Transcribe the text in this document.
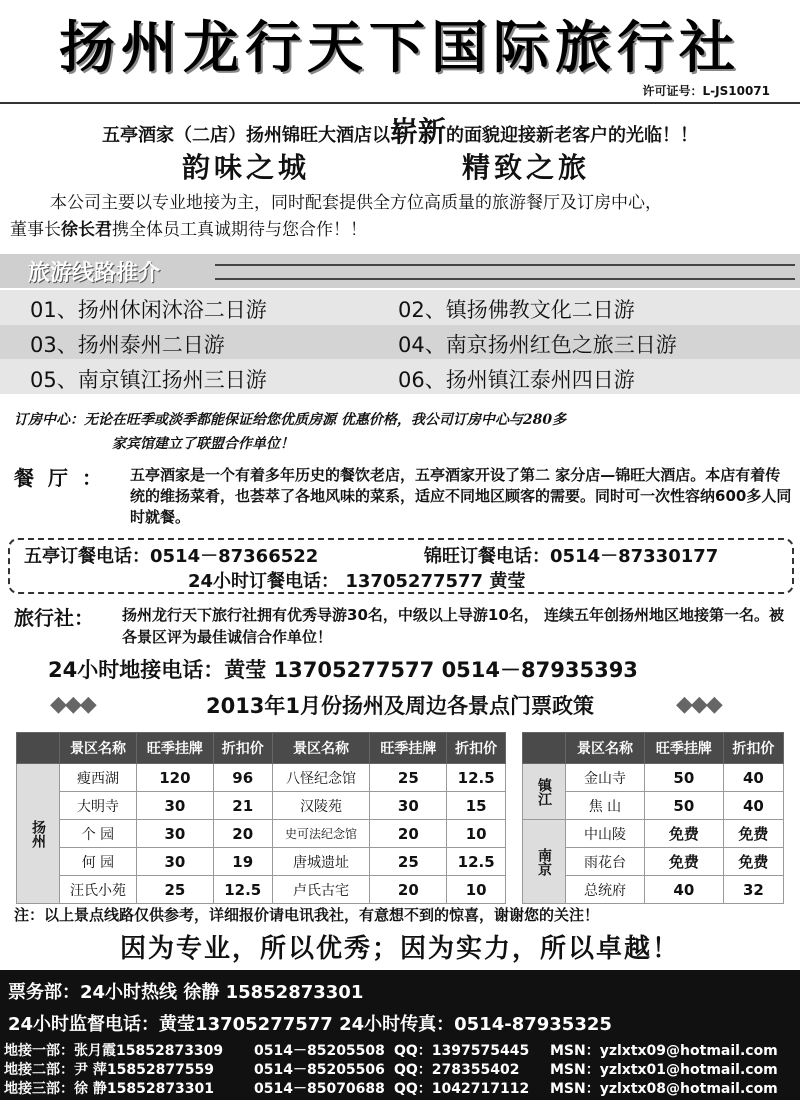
扬州龙行天下国际旅行社
许可证号：L-JS10071
五亭酒家（二店）扬州锦旺大酒店以崭新的面貌迎接新老客户的光临！！
韵味之城	精致之旅
本公司主要以专业地接为主，同时配套提供全方位高质量的旅游餐厅及订房中心，
董事长徐长君携全体员工真诚期待与您合作！！
旅游线路推介
01、扬州休闲沐浴二日游	02、镇扬佛教文化二日游
03、扬州泰州二日游	04、南京扬州红色之旅三日游
05、南京镇江扬州三日游	06、扬州镇江泰州四日游
订房中心：无论在旺季或淡季都能保证给您优质房源 优惠价格，我公司订房中心与280多
家宾馆建立了联盟合作单位！
餐厅： 五亭酒家是一个有着多年历史的餐饮老店，五亭酒家开设了第二 家分店—锦旺大酒店。本店有着传统的维扬菜肴，也荟萃了各地风味的菜系，适应不同地区顾客的需要。同时可一次性容纳600多人同时就餐。
五亭订餐电话：0514－87366522	锦旺订餐电话：0514－87330177
24小时订餐电话： 13705277577 黄莹
旅行社： 扬州龙行天下旅行社拥有优秀导游30名，中级以上导游10名， 连续五年创扬州地区地接第一名。被各景区评为最佳诚信合作单位！
24小时地接电话：黄莹 13705277577 0514－87935393
◆◆◆	2013年1月份扬州及周边各景点门票政策	◆◆◆
	景区名称	旺季挂牌	折扣价	景区名称	旺季挂牌	折扣价
扬州	瘦西湖	120	96	八怪纪念馆	25	12.5
	大明寺	30	21	汉陵苑	30	15
	个 园	30	20	史可法纪念馆	20	10
	何 园	30	19	唐城遗址	25	12.5
	汪氏小苑	25	12.5	卢氏古宅	20	10
	景区名称	旺季挂牌	折扣价
镇江	金山寺	50	40
	焦 山	50	40
南京	中山陵	免费	免费
	雨花台	免费	免费
	总统府	40	32
注：以上景点线路仅供参考，详细报价请电讯我社，有意想不到的惊喜，谢谢您的关注！
因为专业，所以优秀；因为实力，所以卓越！
票务部：24小时热线 徐静 15852873301
24小时监督电话：黄莹13705277577 24小时传真：0514-87935325
地接一部：张月霞15852873309 0514－85205508 QQ：1397575445 MSN：yzlxtx09@hotmail.com
地接二部：尹 萍15852877559	0514－85205506 QQ：278355402 MSN：yzlxtx01@hotmail.com
地接三部：徐 静15852873301	0514－85070688 QQ：1042717112 MSN：yzlxtx08@hotmail.com
